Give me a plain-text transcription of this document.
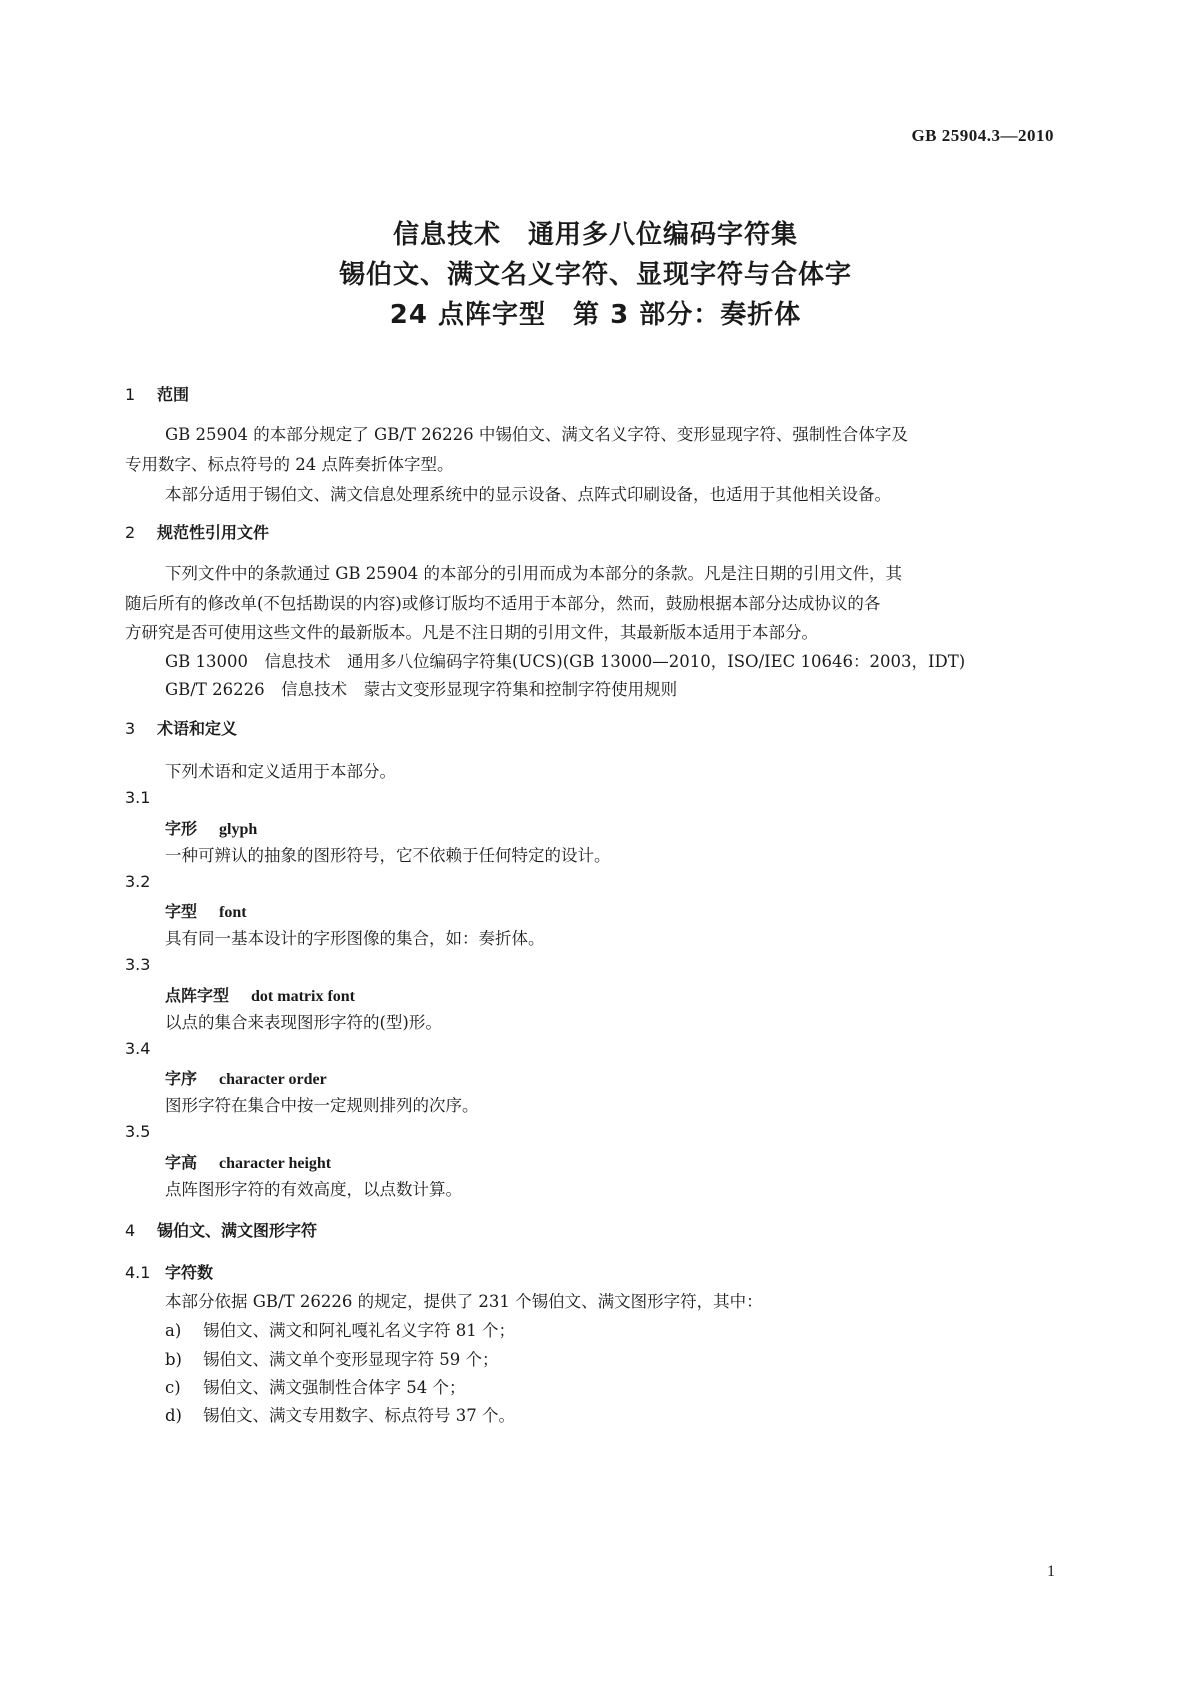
GB 25904.3—2010
信息技术　通用多八位编码字符集
锡伯文、满文名义字符、显现字符与合体字
24 点阵字型　第 3 部分：奏折体
1 范围
GB 25904 的本部分规定了 GB/T 26226 中锡伯文、满文名义字符、变形显现字符、强制性合体字及
专用数字、标点符号的 24 点阵奏折体字型。
本部分适用于锡伯文、满文信息处理系统中的显示设备、点阵式印刷设备，也适用于其他相关设备。
2 规范性引用文件
下列文件中的条款通过 GB 25904 的本部分的引用而成为本部分的条款。凡是注日期的引用文件，其
随后所有的修改单(不包括勘误的内容)或修订版均不适用于本部分，然而，鼓励根据本部分达成协议的各
方研究是否可使用这些文件的最新版本。凡是不注日期的引用文件，其最新版本适用于本部分。
GB 13000　信息技术　通用多八位编码字符集(UCS)(GB 13000—2010，ISO/IEC 10646：2003，IDT)
GB/T 26226　信息技术　蒙古文变形显现字符集和控制字符使用规则
3 术语和定义
下列术语和定义适用于本部分。
3.1
字形 glyph
一种可辨认的抽象的图形符号，它不依赖于任何特定的设计。
3.2
字型 font
具有同一基本设计的字形图像的集合，如：奏折体。
3.3
点阵字型 dot matrix font
以点的集合来表现图形字符的(型)形。
3.4
字序 character order
图形字符在集合中按一定规则排列的次序。
3.5
字高 character height
点阵图形字符的有效高度，以点数计算。
4 锡伯文、满文图形字符
4.1 字符数
本部分依据 GB/T 26226 的规定，提供了 231 个锡伯文、满文图形字符，其中：
a) 锡伯文、满文和阿礼嘎礼名义字符 81 个；
b) 锡伯文、满文单个变形显现字符 59 个；
c) 锡伯文、满文强制性合体字 54 个；
d) 锡伯文、满文专用数字、标点符号 37 个。
1
